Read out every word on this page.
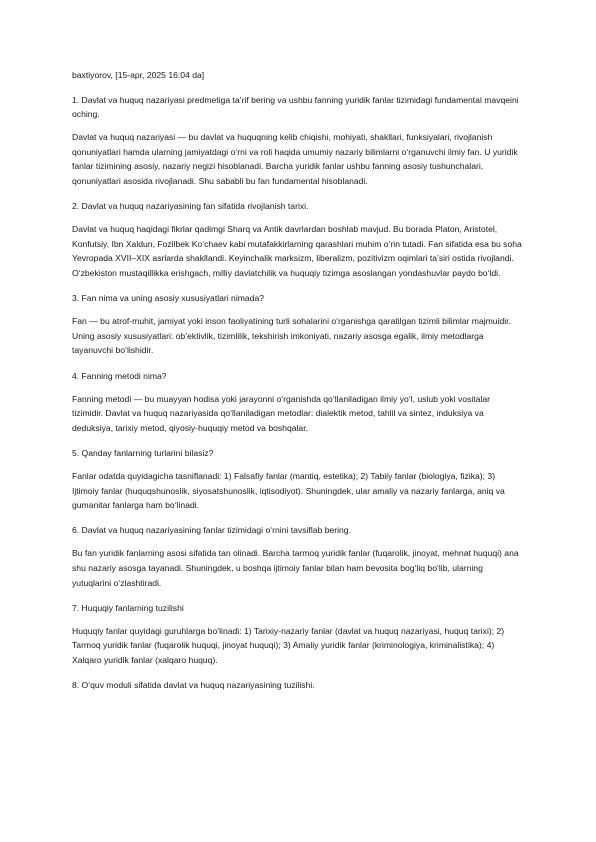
baxtiyorov, [15-apr, 2025 16:04 da]

1. Davlat va huquq nazariyasi predmetiga ta’rif bering va ushbu fanning yuridik fanlar tizimidagi fundamental mavqeini oching.

Davlat va huquq nazariyasi — bu davlat va huquqning kelib chiqishi, mohiyati, shakllari, funksiyalari, rivojlanish qonuniyatlari hamda ularning jamiyatdagi o‘rni va roli haqida umumiy nazariy bilimlarni o‘rganuvchi ilmiy fan. U yuridik fanlar tizimining asosiy, nazariy negizi hisoblanadi. Barcha yuridik fanlar ushbu fanning asosiy tushunchalari, qonuniyatlari asosida rivojlanadi. Shu sababli bu fan fundamental hisoblanadi.

2. Davlat va huquq nazariyasining fan sifatida rivojlanish tarixi.

Davlat va huquq haqidagi fikrlar qadimgi Sharq va Antik davrlardan boshlab mavjud. Bu borada Platon, Aristotel, Konfutsiy, Ibn Xaldun, Fozilbek Ko‘chaev kabi mutafakkirlarning qarashlari muhim o‘rin tutadi. Fan sifatida esa bu soha Yevropada XVII–XIX asrlarda shakllandi. Keyinchalik marksizm, liberalizm, pozitivizm oqimlari ta’siri ostida rivojlandi. O‘zbekiston mustaqillikka erishgach, milliy davlatchilik va huquqiy tizimga asoslangan yondashuvlar paydo bo‘ldi.

3. Fan nima va uning asosiy xususiyatlari nimada?

Fan — bu atrof-muhit, jamiyat yoki inson faoliyatining turli sohalarini o‘rganishga qaratilgan tizimli bilimlar majmuidir. Uning asosiy xususiyatlari: ob’ektivlik, tizimlilik, tekshirish imkoniyati, nazariy asosga egalik, ilmiy metodlarga tayanuvchi bo‘lishidir.

4. Fanning metodi nima?

Fanning metodi — bu muayyan hodisa yoki jarayonni o‘rganishda qo‘llaniladigan ilmiy yo‘l, uslub yoki vositalar tizimidir. Davlat va huquq nazariyasida qo‘llaniladigan metodlar: dialektik metod, tahlil va sintez, induksiya va deduksiya, tarixiy metod, qiyosiy-huquqiy metod va boshqalar.

5. Qanday fanlarning turlarini bilasiz?

Fanlar odatda quyidagicha tasniflanadi: 1) Falsafiy fanlar (mantiq, estetika); 2) Tabiiy fanlar (biologiya, fizika); 3) Ijtimoiy fanlar (huquqshunoslik, siyosatshunoslik, iqtisodiyot). Shuningdek, ular amaliy va nazariy fanlarga, aniq va gumanitar fanlarga ham bo‘linadi.

6. Davlat va huquq nazariyasining fanlar tizimidagi o‘rnini tavsiflab bering.

Bu fan yuridik fanlarning asosi sifatida tan olinadi. Barcha tarmoq yuridik fanlar (fuqarolik, jinoyat, mehnat huquqi) ana shu nazariy asosga tayanadi. Shuningdek, u boshqa ijtimoiy fanlar bilan ham bevosita bog‘liq bo‘lib, ularning yutuqlarini o‘zlashtiradi.

7. Huquqiy fanlarning tuzilishi

Huquqiy fanlar quyidagi guruhlarga bo‘linadi: 1) Tarixiy-nazariy fanlar (davlat va huquq nazariyasi, huquq tarixi); 2) Tarmoq yuridik fanlar (fuqarolik huquqi, jinoyat huquqi); 3) Amaliy yuridik fanlar (kriminologiya, kriminalistika); 4) Xalqaro yuridik fanlar (xalqaro huquq).

8. O‘quv moduli sifatida davlat va huquq nazariyasining tuzilishi.
